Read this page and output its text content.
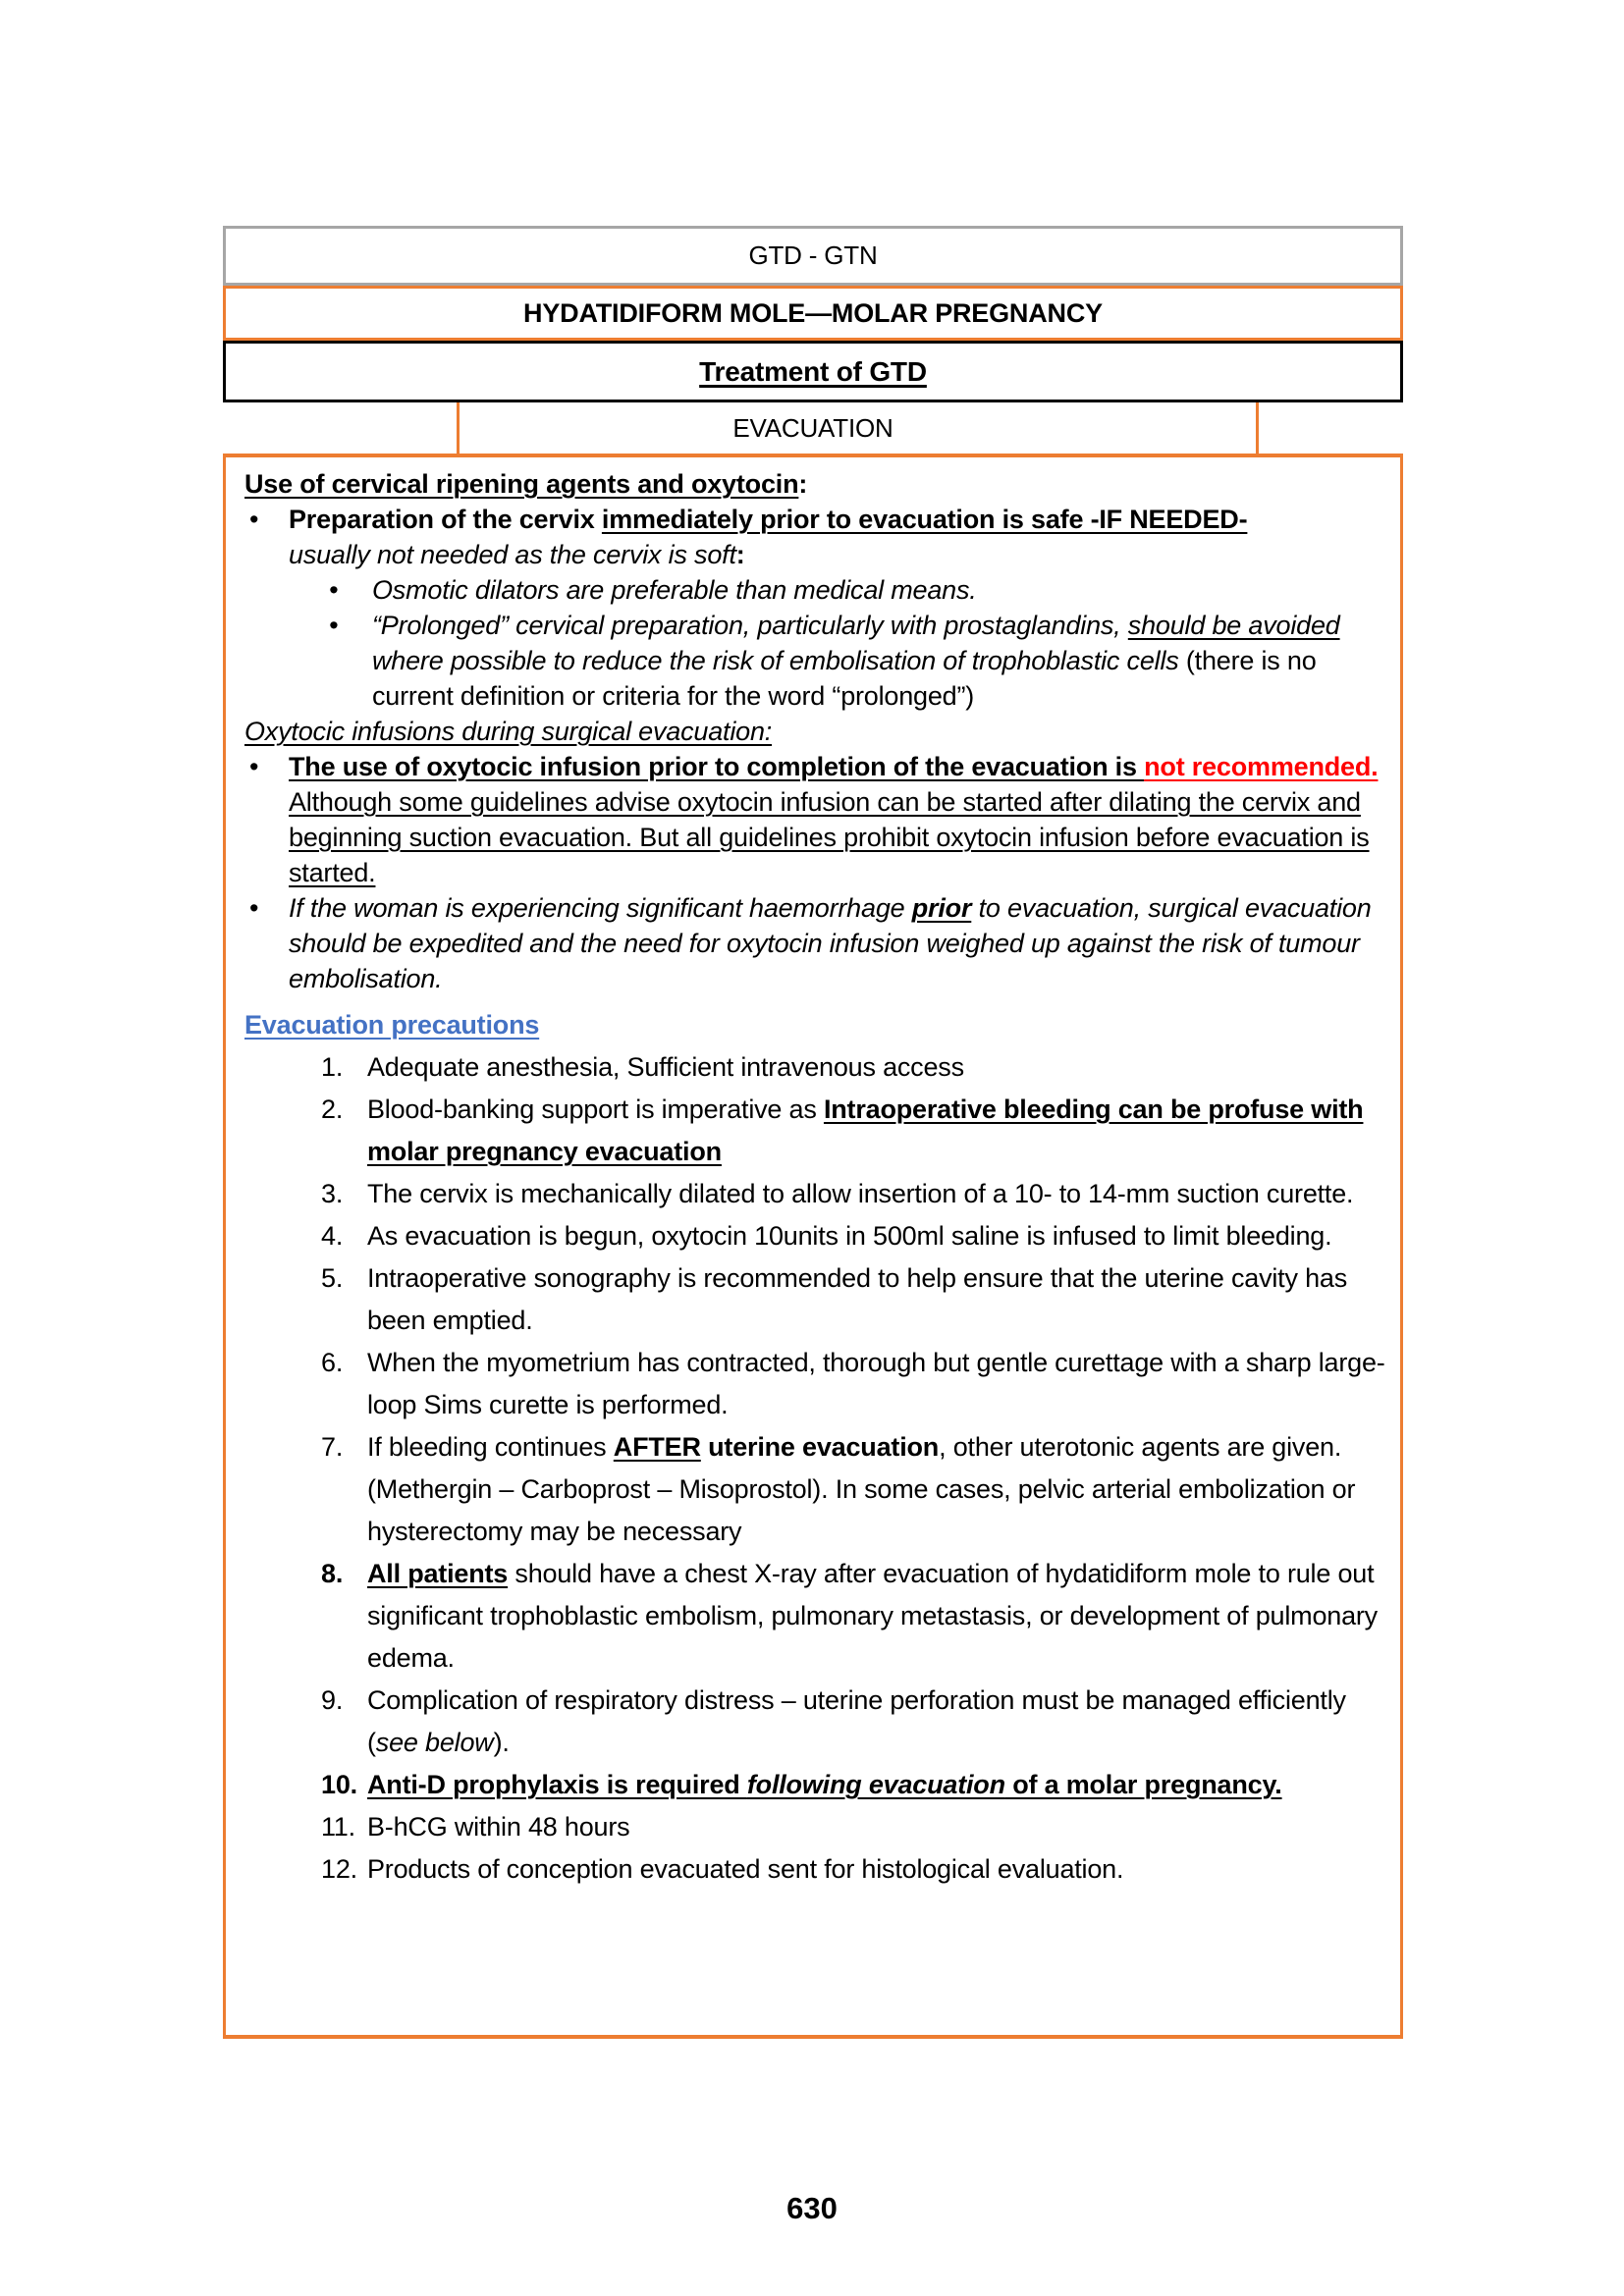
GTD - GTN
HYDATIDIFORM MOLE—MOLAR PREGNANCY
Treatment of GTD
EVACUATION
Use of cervical ripening agents and oxytocin:
• Preparation of the cervix immediately prior to evacuation is safe -IF NEEDED-
usually not needed as the cervix is soft:
• Osmotic dilators are preferable than medical means.
• “Prolonged” cervical preparation, particularly with prostaglandins, should be avoided where possible to reduce the risk of embolisation of trophoblastic cells (there is no current definition or criteria for the word “prolonged”)
Oxytocic infusions during surgical evacuation:
• The use of oxytocic infusion prior to completion of the evacuation is not recommended. Although some guidelines advise oxytocin infusion can be started after dilating the cervix and beginning suction evacuation. But all guidelines prohibit oxytocin infusion before evacuation is started.
• If the woman is experiencing significant haemorrhage prior to evacuation, surgical evacuation should be expedited and the need for oxytocin infusion weighed up against the risk of tumour embolisation.
Evacuation precautions
1. Adequate anesthesia, Sufficient intravenous access
2. Blood-banking support is imperative as Intraoperative bleeding can be profuse with molar pregnancy evacuation
3. The cervix is mechanically dilated to allow insertion of a 10- to 14-mm suction curette.
4. As evacuation is begun, oxytocin 10units in 500ml saline is infused to limit bleeding.
5. Intraoperative sonography is recommended to help ensure that the uterine cavity has been emptied.
6. When the myometrium has contracted, thorough but gentle curettage with a sharp large-loop Sims curette is performed.
7. If bleeding continues AFTER uterine evacuation, other uterotonic agents are given. (Methergin – Carboprost – Misoprostol). In some cases, pelvic arterial embolization or hysterectomy may be necessary
8. All patients should have a chest X-ray after evacuation of hydatidiform mole to rule out significant trophoblastic embolism, pulmonary metastasis, or development of pulmonary edema.
9. Complication of respiratory distress – uterine perforation must be managed efficiently (see below).
10. Anti-D prophylaxis is required following evacuation of a molar pregnancy.
11. B-hCG within 48 hours
12. Products of conception evacuated sent for histological evaluation.
630
